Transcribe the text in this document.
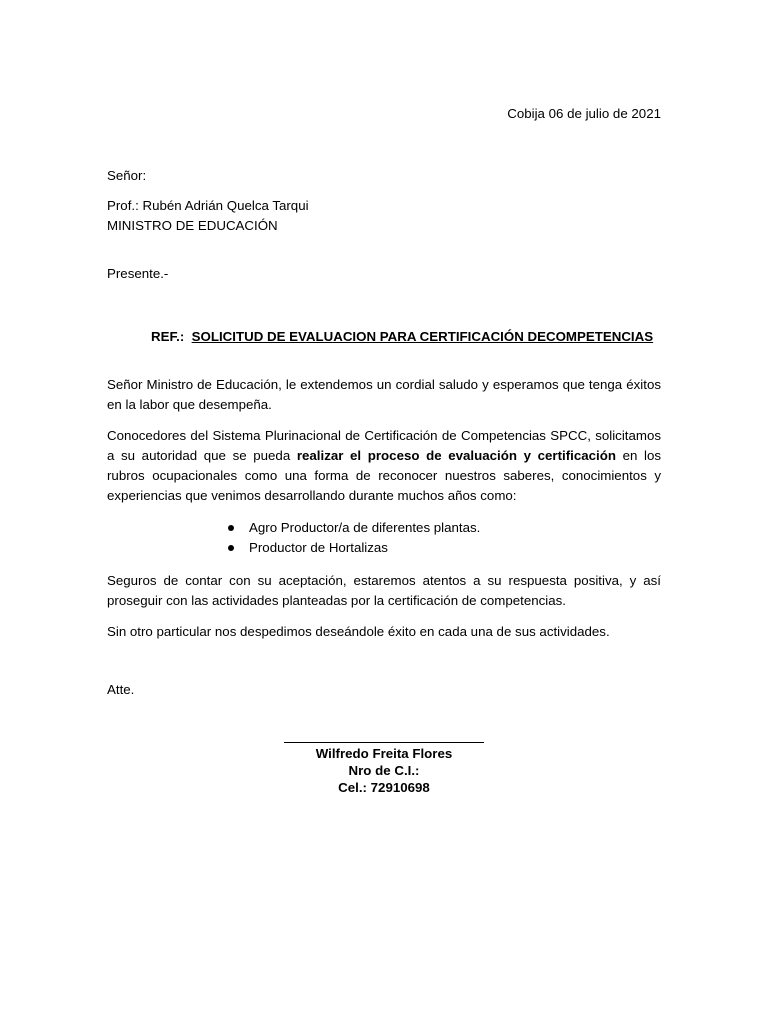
Cobija 06 de julio de 2021
Señor:
Prof.: Rubén Adrián Quelca Tarqui
MINISTRO DE EDUCACIÓN
Presente.-
REF.: SOLICITUD DE EVALUACION PARA CERTIFICACIÓN DECOMPETENCIAS
Señor Ministro de Educación, le extendemos un cordial saludo y esperamos que tenga éxitos en la labor que desempeña.
Conocedores del Sistema Plurinacional de Certificación de Competencias SPCC, solicitamos a su autoridad que se pueda realizar el proceso de evaluación y certificación en los rubros ocupacionales como una forma de reconocer nuestros saberes, conocimientos y experiencias que venimos desarrollando durante muchos años como:
Agro Productor/a de diferentes plantas.
Productor de Hortalizas
Seguros de contar con su aceptación, estaremos atentos a su respuesta positiva, y así proseguir con las actividades planteadas por la certificación de competencias.
Sin otro particular nos despedimos deseándole éxito en cada una de sus actividades.
Atte.
Wilfredo Freita Flores
Nro de C.I.:
Cel.: 72910698
